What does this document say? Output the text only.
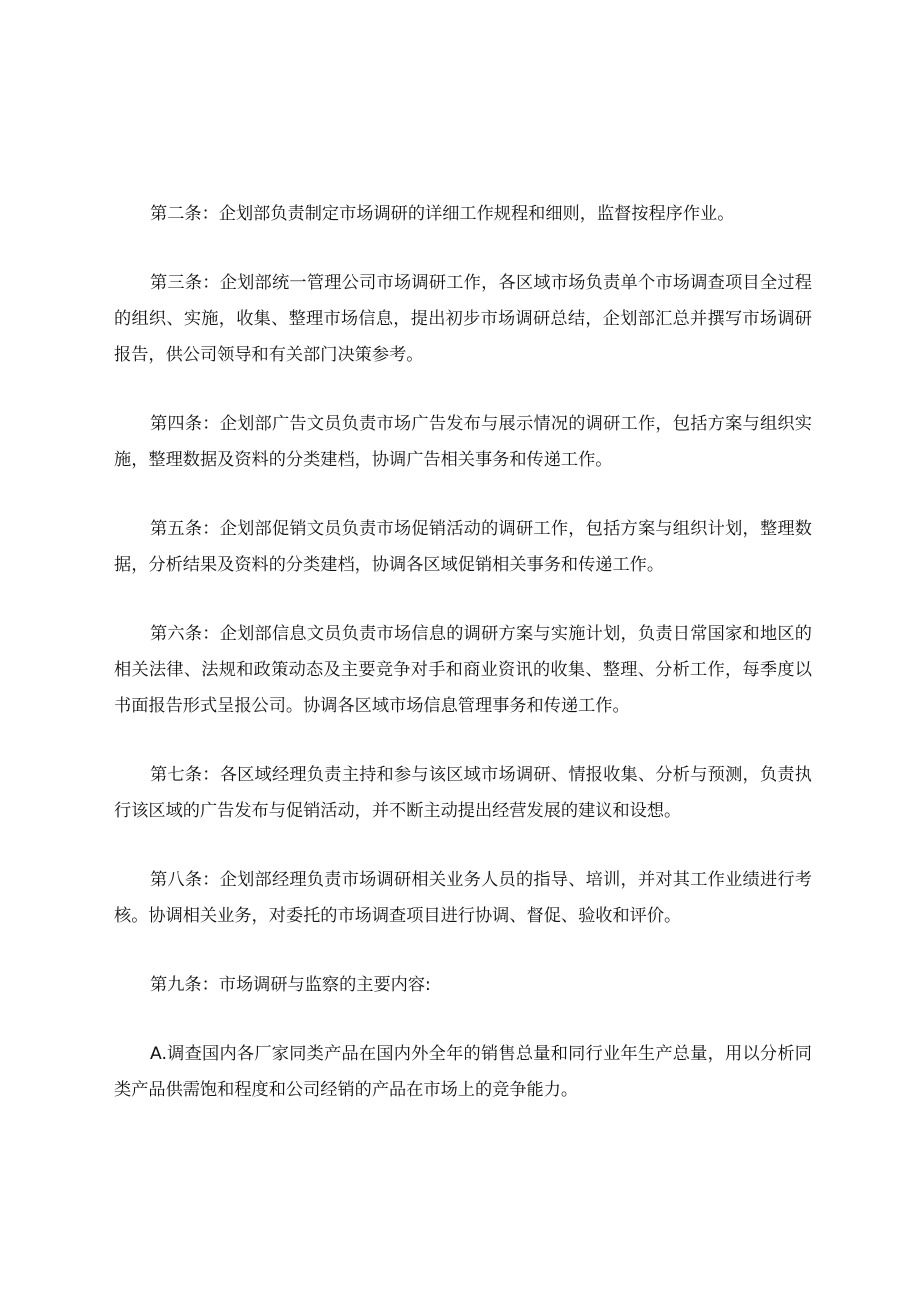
第二条：企划部负责制定市场调研的详细工作规程和细则，监督按程序作业。

第三条：企划部统一管理公司市场调研工作，各区域市场负责单个市场调查项目全过程的组织、实施，收集、整理市场信息，提出初步市场调研总结，企划部汇总并撰写市场调研报告，供公司领导和有关部门决策参考。

第四条：企划部广告文员负责市场广告发布与展示情况的调研工作，包括方案与组织实施，整理数据及资料的分类建档，协调广告相关事务和传递工作。

第五条：企划部促销文员负责市场促销活动的调研工作，包括方案与组织计划，整理数据，分析结果及资料的分类建档，协调各区域促销相关事务和传递工作。

第六条：企划部信息文员负责市场信息的调研方案与实施计划，负责日常国家和地区的相关法律、法规和政策动态及主要竞争对手和商业资讯的收集、整理、分析工作，每季度以书面报告形式呈报公司。协调各区域市场信息管理事务和传递工作。

第七条：各区域经理负责主持和参与该区域市场调研、情报收集、分析与预测，负责执行该区域的广告发布与促销活动，并不断主动提出经营发展的建议和设想。

第八条：企划部经理负责市场调研相关业务人员的指导、培训，并对其工作业绩进行考核。协调相关业务，对委托的市场调查项目进行协调、督促、验收和评价。

第九条：市场调研与监察的主要内容:

A.调查国内各厂家同类产品在国内外全年的销售总量和同行业年生产总量，用以分析同类产品供需饱和程度和公司经销的产品在市场上的竞争能力。
